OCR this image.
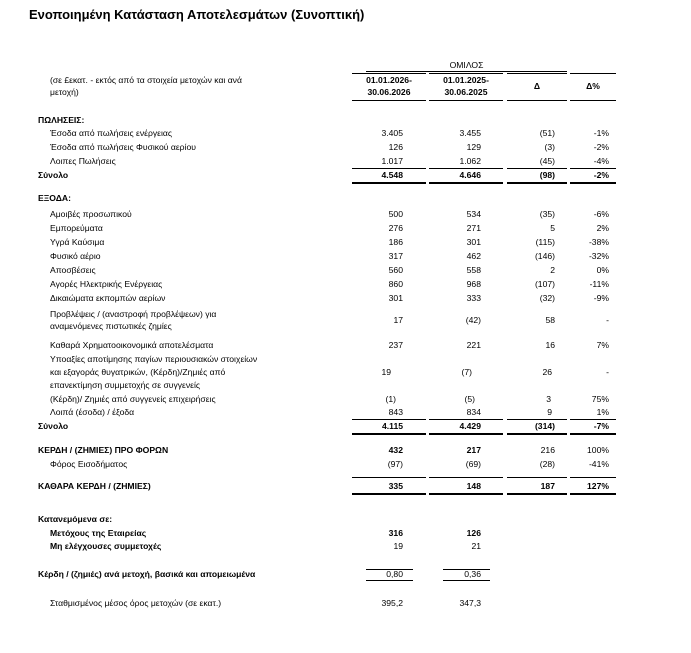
Ενοποιημένη Κατάσταση Αποτελεσμάτων (Συνοπτική)
ΟΜΙΛΟΣ
(σε £εκατ. - εκτός από τα στοιχεία μετοχών και ανά
μετοχή)
01.01.2026-
30.06.2026
01.01.2025-
30.06.2025
Δ	Δ%
ΠΩΛΗΣΕΙΣ:
Έσοδα από πωλήσεις ενέργειας	3.405	3.455	(51)	-1%
Έσοδα από πωλήσεις Φυσικού αερίου	126	129	(3)	-2%
Λοιπες Πωλήσεις	1.017	1.062	(45)	-4%
Σύνολο	4.548	4.646	(98)	-2%
ΕΞΟΔΑ:
Αμοιβές προσωπικού	500	534	(35)	-6%
Εμπορεύματα	276	271	5	2%
Υγρά Καύσιμα	186	301	(115)	-38%
Φυσικό αέριο	317	462	(146)	-32%
Αποσβέσεις	560	558	2	0%
Αγορές Ηλεκτρικής Ενέργειας	860	968	(107)	-11%
Δικαιώματα εκπομπών αερίων	301	333	(32)	-9%
Προβλέψεις / (αναστροφή προβλέψεων) για
αναμενόμενες πιστωτικές ζημίες
17	(42)	58	-
Καθαρά Χρηματοοικονομικά αποτελέσματα	237	221	16	7%
Υποαξίες αποτίμησης παγίων περιουσιακών στοιχείων
και εξαγοράς θυγατρικών, (Κέρδη)/Ζημιές από
επανεκτίμηση συμμετοχής σε συγγενείς
19	(7)	26	-
(Κέρδη)/ Ζημιές από συγγενείς επιχειρήσεις	(1)	(5)	3	75%
Λοιπά (έσοδα) / έξοδα	843	834	9	1%
Σύνολο	4.115	4.429	(314)	-7%
ΚΕΡΔΗ / (ΖΗΜΙΕΣ) ΠΡΟ ΦΟΡΩΝ	432	217	216	100%
Φόρος Εισοδήματος	(97)	(69)	(28)	-41%
ΚΑΘΑΡΑ ΚΕΡΔΗ / (ΖΗΜΙΕΣ)	335	148	187	127%
Κατανεμόμενα σε:
Μετόχους της Εταιρείας	316	126
Μη ελέγχουσες συμμετοχές	19	21
Κέρδη / (ζημιές) ανά μετοχή, βασικά και απομειωμένα	0,80	0,36
Σταθμισμένος μέσος όρος μετοχών (σε εκατ.)	395,2	347,3
